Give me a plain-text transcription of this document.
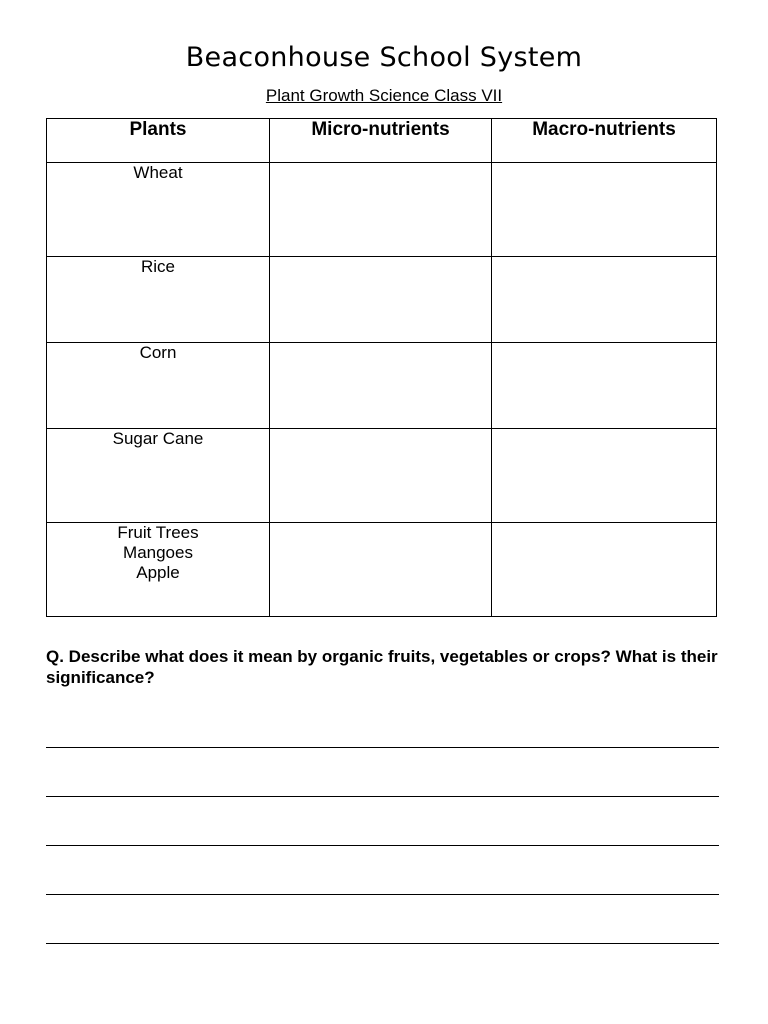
Beaconhouse School System
Plant Growth Science Class VII
Plants	Micro-nutrients	Macro-nutrients

Wheat		

Rice		

Corn		

Sugar Cane		

Fruit Trees
Mangoes
Apple		

Q. Describe what does it mean by organic fruits, vegetables or crops? What is their significance?
